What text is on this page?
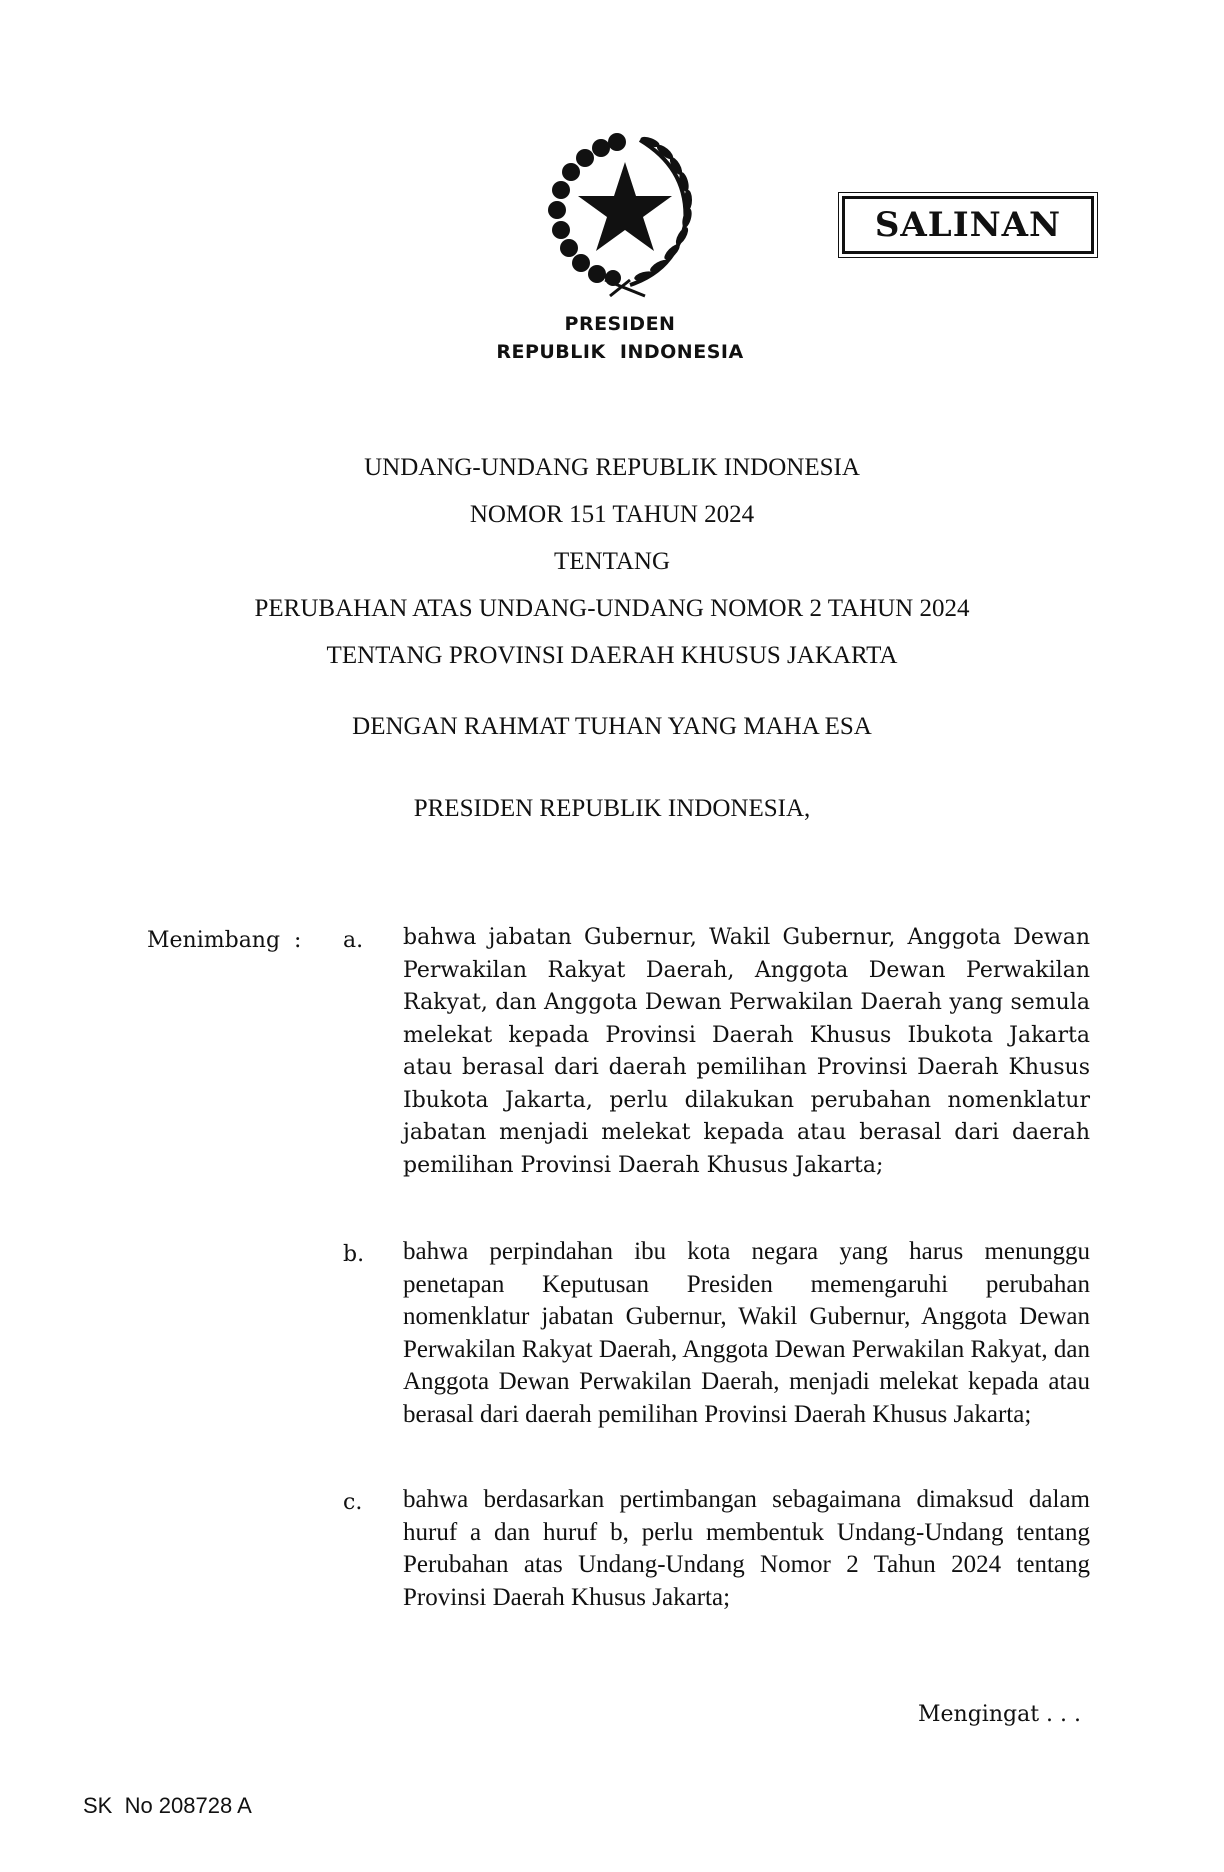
PRESIDEN
REPUBLIK  INDONESIA
SALINAN
UNDANG-UNDANG REPUBLIK INDONESIA
NOMOR 151 TAHUN 2024
TENTANG
PERUBAHAN ATAS UNDANG-UNDANG NOMOR 2 TAHUN 2024
TENTANG PROVINSI DAERAH KHUSUS JAKARTA
DENGAN RAHMAT TUHAN YANG MAHA ESA
PRESIDEN REPUBLIK INDONESIA,
Menimbang  : a. bahwa jabatan Gubernur, Wakil Gubernur, Anggota Dewan Perwakilan Rakyat Daerah, Anggota Dewan Perwakilan Rakyat, dan Anggota Dewan Perwakilan Daerah yang semula melekat kepada Provinsi Daerah Khusus Ibukota Jakarta atau berasal dari daerah pemilihan Provinsi Daerah Khusus Ibukota Jakarta, perlu dilakukan perubahan nomenklatur jabatan menjadi melekat kepada atau berasal dari daerah pemilihan Provinsi Daerah Khusus Jakarta;
b. bahwa perpindahan ibu kota negara yang harus menunggu penetapan Keputusan Presiden memengaruhi perubahan nomenklatur jabatan Gubernur, Wakil Gubernur, Anggota Dewan Perwakilan Rakyat Daerah, Anggota Dewan Perwakilan Rakyat, dan Anggota Dewan Perwakilan Daerah, menjadi melekat kepada atau berasal dari daerah pemilihan Provinsi Daerah Khusus Jakarta;
c. bahwa berdasarkan pertimbangan sebagaimana dimaksud dalam huruf a dan huruf b, perlu membentuk Undang-Undang tentang Perubahan atas Undang-Undang Nomor 2 Tahun 2024 tentang Provinsi Daerah Khusus Jakarta;
Mengingat . . .
SK  No 208728 A
